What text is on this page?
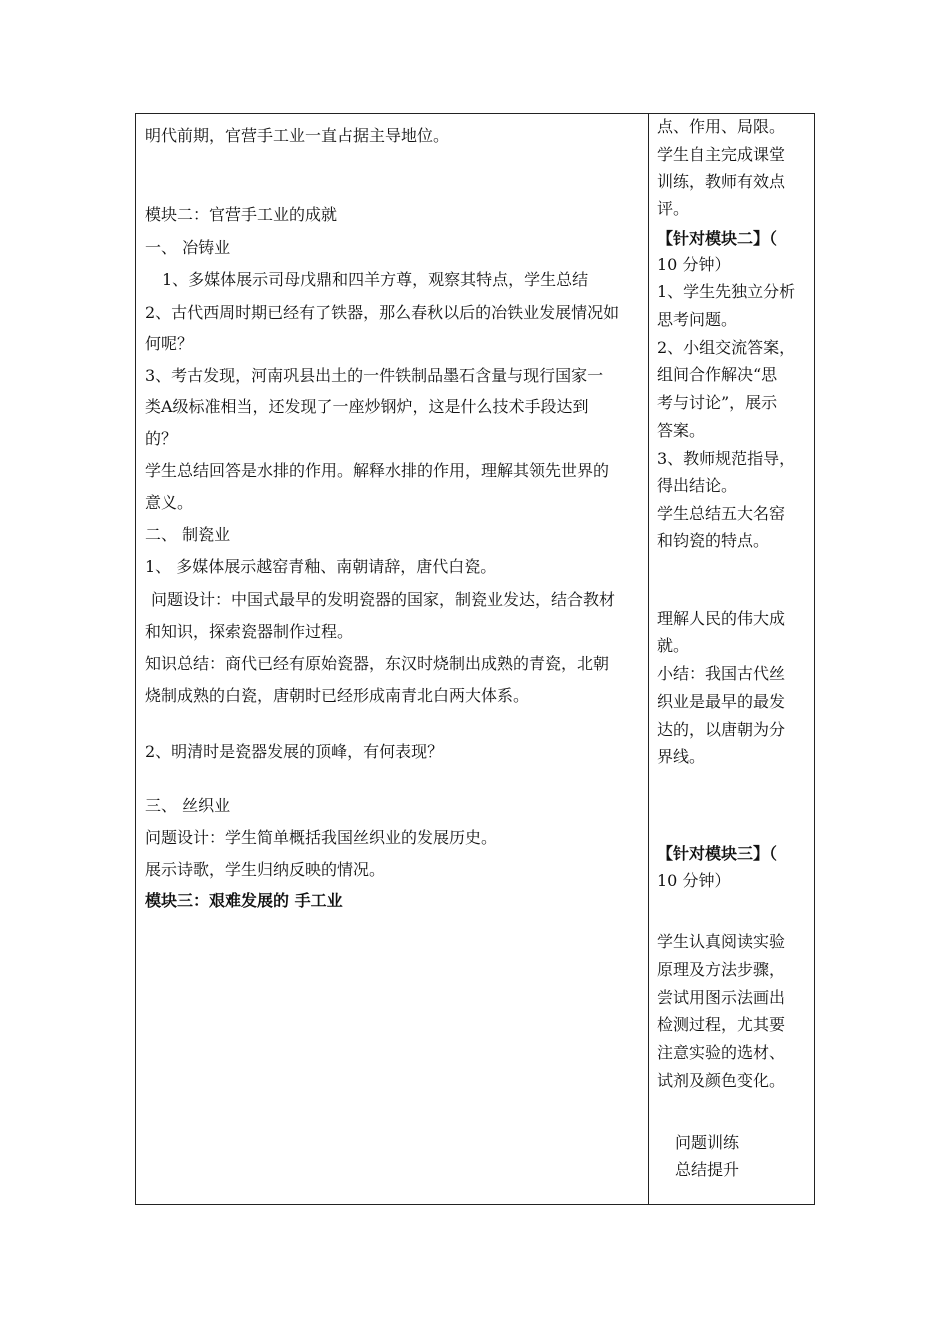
明代前期，官营手工业一直占据主导地位。
模块二：官营手工业的成就
一、 冶铸业
1、多媒体展示司母戊鼎和四羊方尊，观察其特点，学生总结
2、古代西周时期已经有了铁器，那么春秋以后的冶铁业发展情况如
何呢？
3、考古发现，河南巩县出土的一件铁制品墨石含量与现行国家一
类A级标准相当，还发现了一座炒钢炉，这是什么技术手段达到
的？
学生总结回答是水排的作用。解释水排的作用，理解其领先世界的
意义。
二、 制瓷业
1、 多媒体展示越窑青釉、南朝请辞，唐代白瓷。
问题设计：中国式最早的发明瓷器的国家，制瓷业发达，结合教材
和知识，探索瓷器制作过程。
知识总结：商代已经有原始瓷器，东汉时烧制出成熟的青瓷，北朝
烧制成熟的白瓷，唐朝时已经形成南青北白两大体系。
2、明清时是瓷器发展的顶峰，有何表现？
三、 丝织业
问题设计：学生简单概括我国丝织业的发展历史。
展示诗歌，学生归纳反映的情况。
模块三：艰难发展的 手工业
点、作用、局限。
学生自主完成课堂
训练，教师有效点
评。
【针对模块二】（
10 分钟）
1、学生先独立分析
思考问题。
2、小组交流答案，
组间合作解决“思
考与讨论”，展示
答案。
3、教师规范指导，
得出结论。
学生总结五大名窑
和钧瓷的特点。
理解人民的伟大成
就。
小结：我国古代丝
织业是最早的最发
达的，以唐朝为分
界线。
【针对模块三】（
10 分钟）
学生认真阅读实验
原理及方法步骤，
尝试用图示法画出
检测过程，尤其要
注意实验的选材、
试剂及颜色变化。
问题训练
总结提升
